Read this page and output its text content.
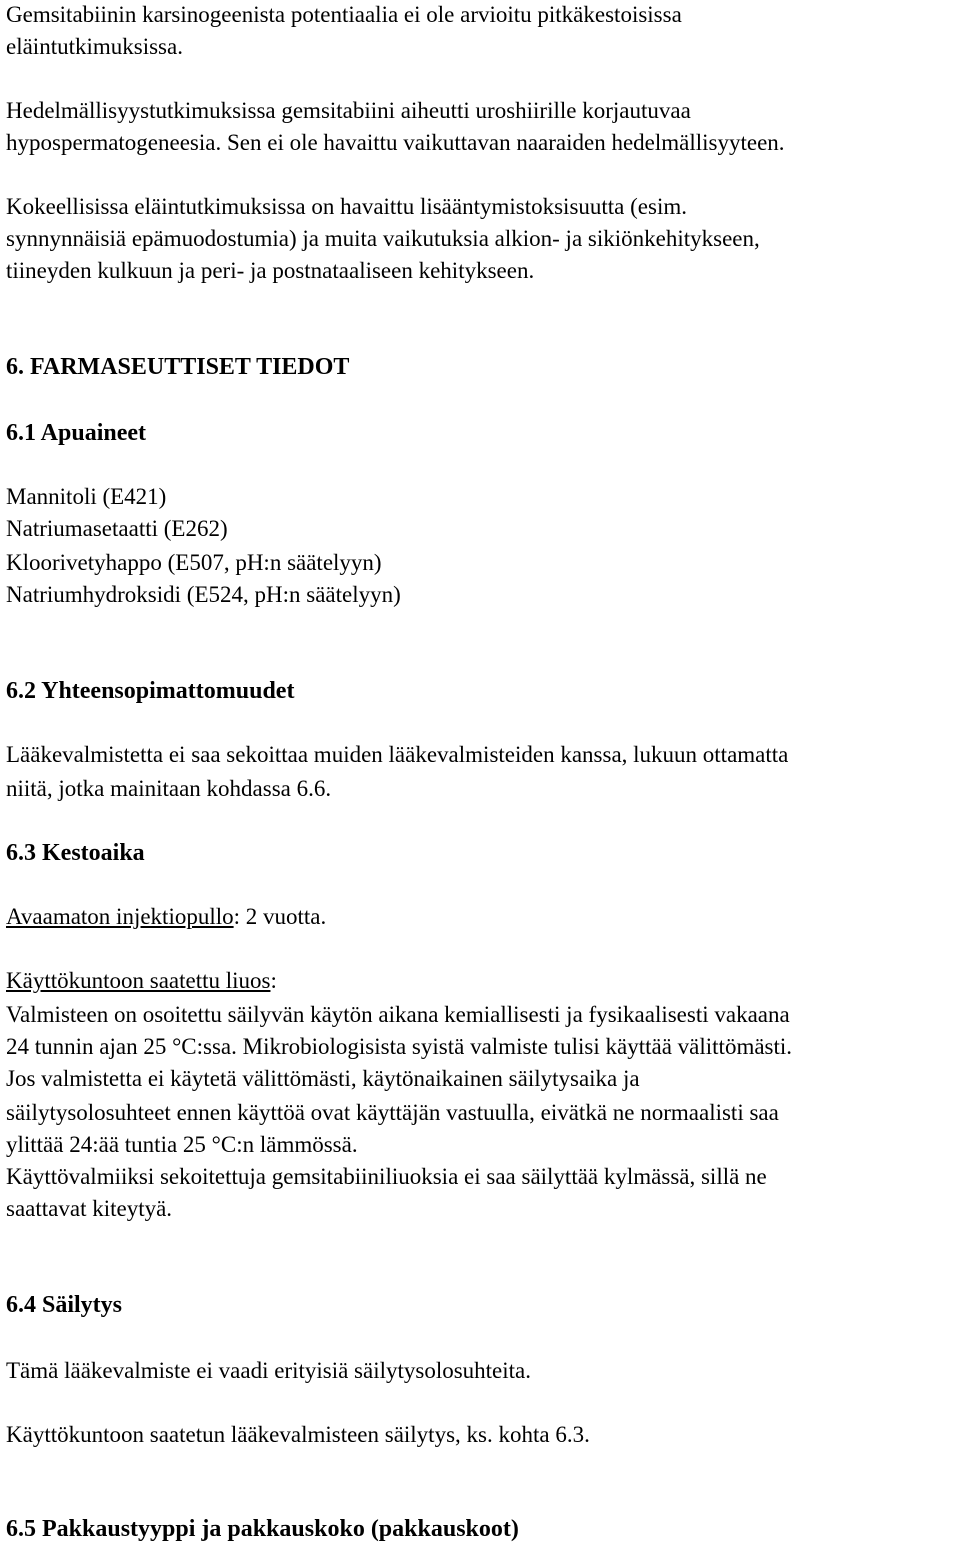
Gemsitabiinin karsinogeenista potentiaalia ei ole arvioitu pitkäkestoisissa
eläintutkimuksissa.
Hedelmällisyystutkimuksissa gemsitabiini aiheutti uroshiirille korjautuvaa
hypospermatogeneesia. Sen ei ole havaittu vaikuttavan naaraiden hedelmällisyyteen.
Kokeellisissa eläintutkimuksissa on havaittu lisääntymistoksisuutta (esim.
synnynnäisiä epämuodostumia) ja muita vaikutuksia alkion- ja sikiönkehitykseen,
tiineyden kulkuun ja peri- ja postnataaliseen kehitykseen.
6. FARMASEUTTISET TIEDOT
6.1 Apuaineet
Mannitoli (E421)
Natriumasetaatti (E262)
Kloorivetyhappo (E507, pH:n säätelyyn)
Natriumhydroksidi (E524, pH:n säätelyyn)
6.2 Yhteensopimattomuudet
Lääkevalmistetta ei saa sekoittaa muiden lääkevalmisteiden kanssa, lukuun ottamatta
niitä, jotka mainitaan kohdassa 6.6.
6.3 Kestoaika
Avaamaton injektiopullo: 2 vuotta.
Käyttökuntoon saatettu liuos:
Valmisteen on osoitettu säilyvän käytön aikana kemiallisesti ja fysikaalisesti vakaana
24 tunnin ajan 25 °C:ssa. Mikrobiologisista syistä valmiste tulisi käyttää välittömästi.
Jos valmistetta ei käytetä välittömästi, käytönaikainen säilytysaika ja
säilytysolosuhteet ennen käyttöä ovat käyttäjän vastuulla, eivätkä ne normaalisti saa
ylittää 24:ää tuntia 25 °C:n lämmössä.
Käyttövalmiiksi sekoitettuja gemsitabiiniliuoksia ei saa säilyttää kylmässä, sillä ne
saattavat kiteytyä.
6.4 Säilytys
Tämä lääkevalmiste ei vaadi erityisiä säilytysolosuhteita.
Käyttökuntoon saatetun lääkevalmisteen säilytys, ks. kohta 6.3.
6.5 Pakkaustyyppi ja pakkauskoko (pakkauskoot)
